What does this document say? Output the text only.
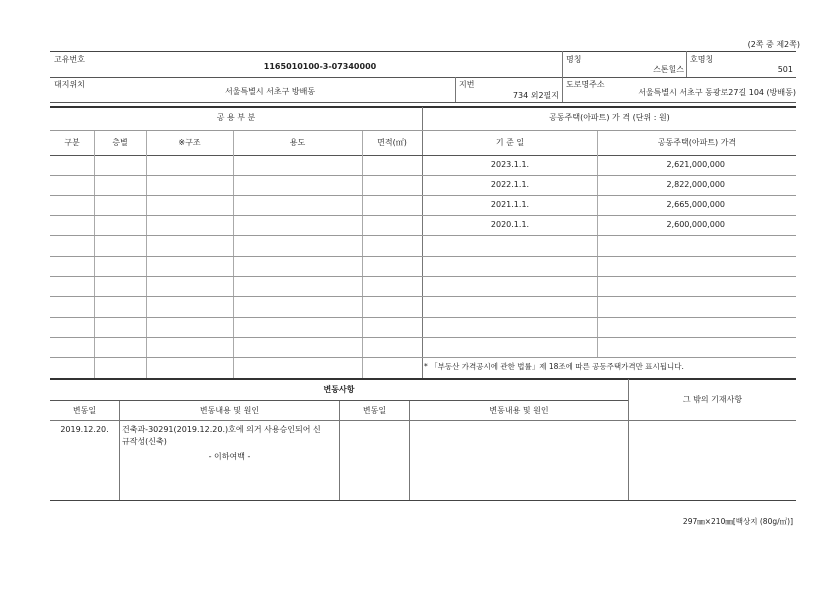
(2쪽 중 제2쪽)
고유번호
1165010100-3-07340000
명칭
스톤힐스
호명칭
501
대지위치
서울특별시 서초구 방배동
지번
734 외2필지
도로명주소
서울특별시 서초구 동광로27길 104 (방배동)
공 용 부 분	공동주택(아파트) 가 격 (단위 : 원)
구분	층별	※구조	용도	면적(㎡)	기 준 일	공동주택(아파트) 가격
2023.1.1.	2,621,000,000
2022.1.1.	2,822,000,000
2021.1.1.	2,665,000,000
2020.1.1.	2,600,000,000
* 「부동산 가격공시에 관한 법률」제 18조에 따른 공동주택가격만 표시됩니다.
변동사항
그 밖의 기재사항
변동일	변동내용 및 원인	변동일	변동내용 및 원인
2019.12.20.	건축과-30291(2019.12.20.)호에 의거 사용승인되어 신
규작성(신축)
- 이하여백 -
297㎜×210㎜[백상지 (80g/㎡)]
